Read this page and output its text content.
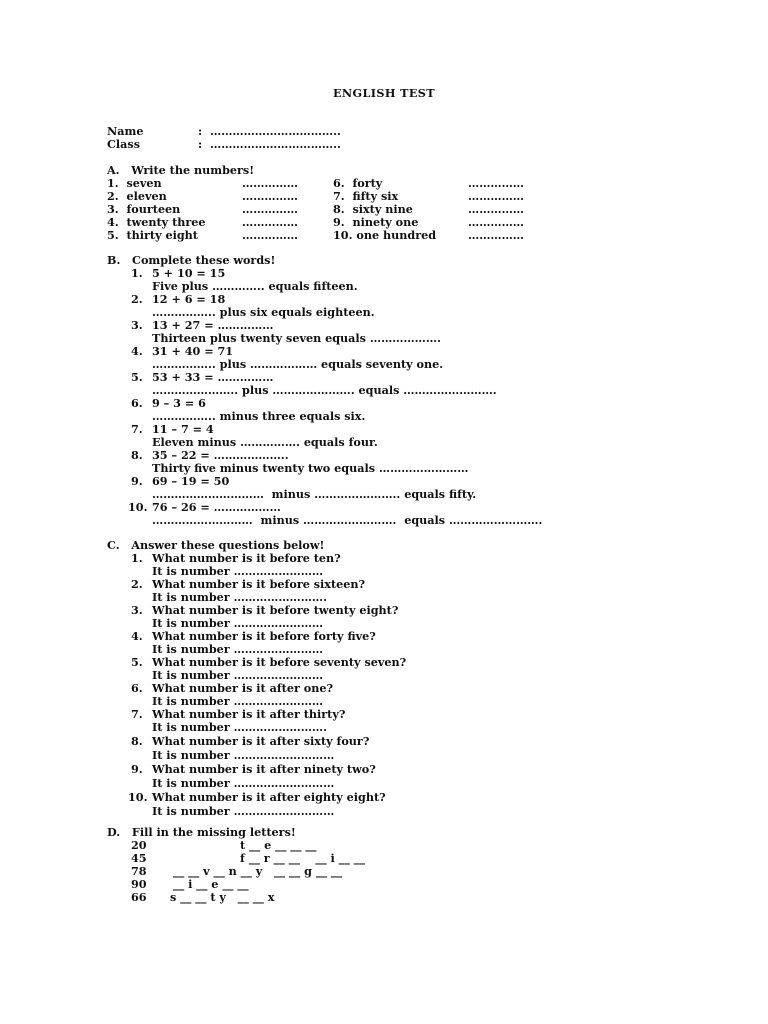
ENGLISH TEST
Name	: ……………………………..
Class	: ……………………………..
A.   Write the numbers!
1.  seven	……………	6.  forty	……………
2.  eleven	……………	7.  fifty six	……………
3.  fourteen	……………	8.  sixty nine	……………
4.  twenty three	……………	9.  ninety one	……………
5.  thirty eight	……………	10. one hundred	……………
B.   Complete these words!
1. 5 + 10 = 15
Five plus ………….. equals fifteen.
2. 12 + 6 = 18
…………….. plus six equals eighteen.
3. 13 + 27 = ……………
Thirteen plus twenty seven equals ……………….
4. 31 + 40 = 71
…………….. plus ……………… equals seventy one.
5. 53 + 33 = ……………
………………….. plus …………………. equals …………………….
6. 9 – 3 = 6
…………….. minus three equals six.
7. 11 – 7 = 4
Eleven minus ……………. equals four.
8. 35 – 22 = ………………..
Thirty five minus twenty two equals ……………………
9. 69 – 19 = 50
…………………………  minus ………………….. equals fifty.
10. 76 – 26 = ………………
………………………  minus …………………….  equals …………………….
C.   Answer these questions below!
1. What number is it before ten?
It is number ……………………
2. What number is it before sixteen?
It is number …………………….
3. What number is it before twenty eight?
It is number ……………………
4. What number is it before forty five?
It is number ……………………
5. What number is it before seventy seven?
It is number ……………………
6. What number is it after one?
It is number ……………………
7. What number is it after thirty?
It is number …………………….
8. What number is it after sixty four?
It is number ………………………
9. What number is it after ninety two?
It is number ………………………
10. What number is it after eighty eight?
It is number ………………………
D.   Fill in the missing letters!
20	t __ e __ __ __
45	f __ r __ __    __ i __ __
78 __ __ v __ n __ y   __ __ g __ __
90 __ i __ e __ __
66 s __ __ t y   __ __ x
